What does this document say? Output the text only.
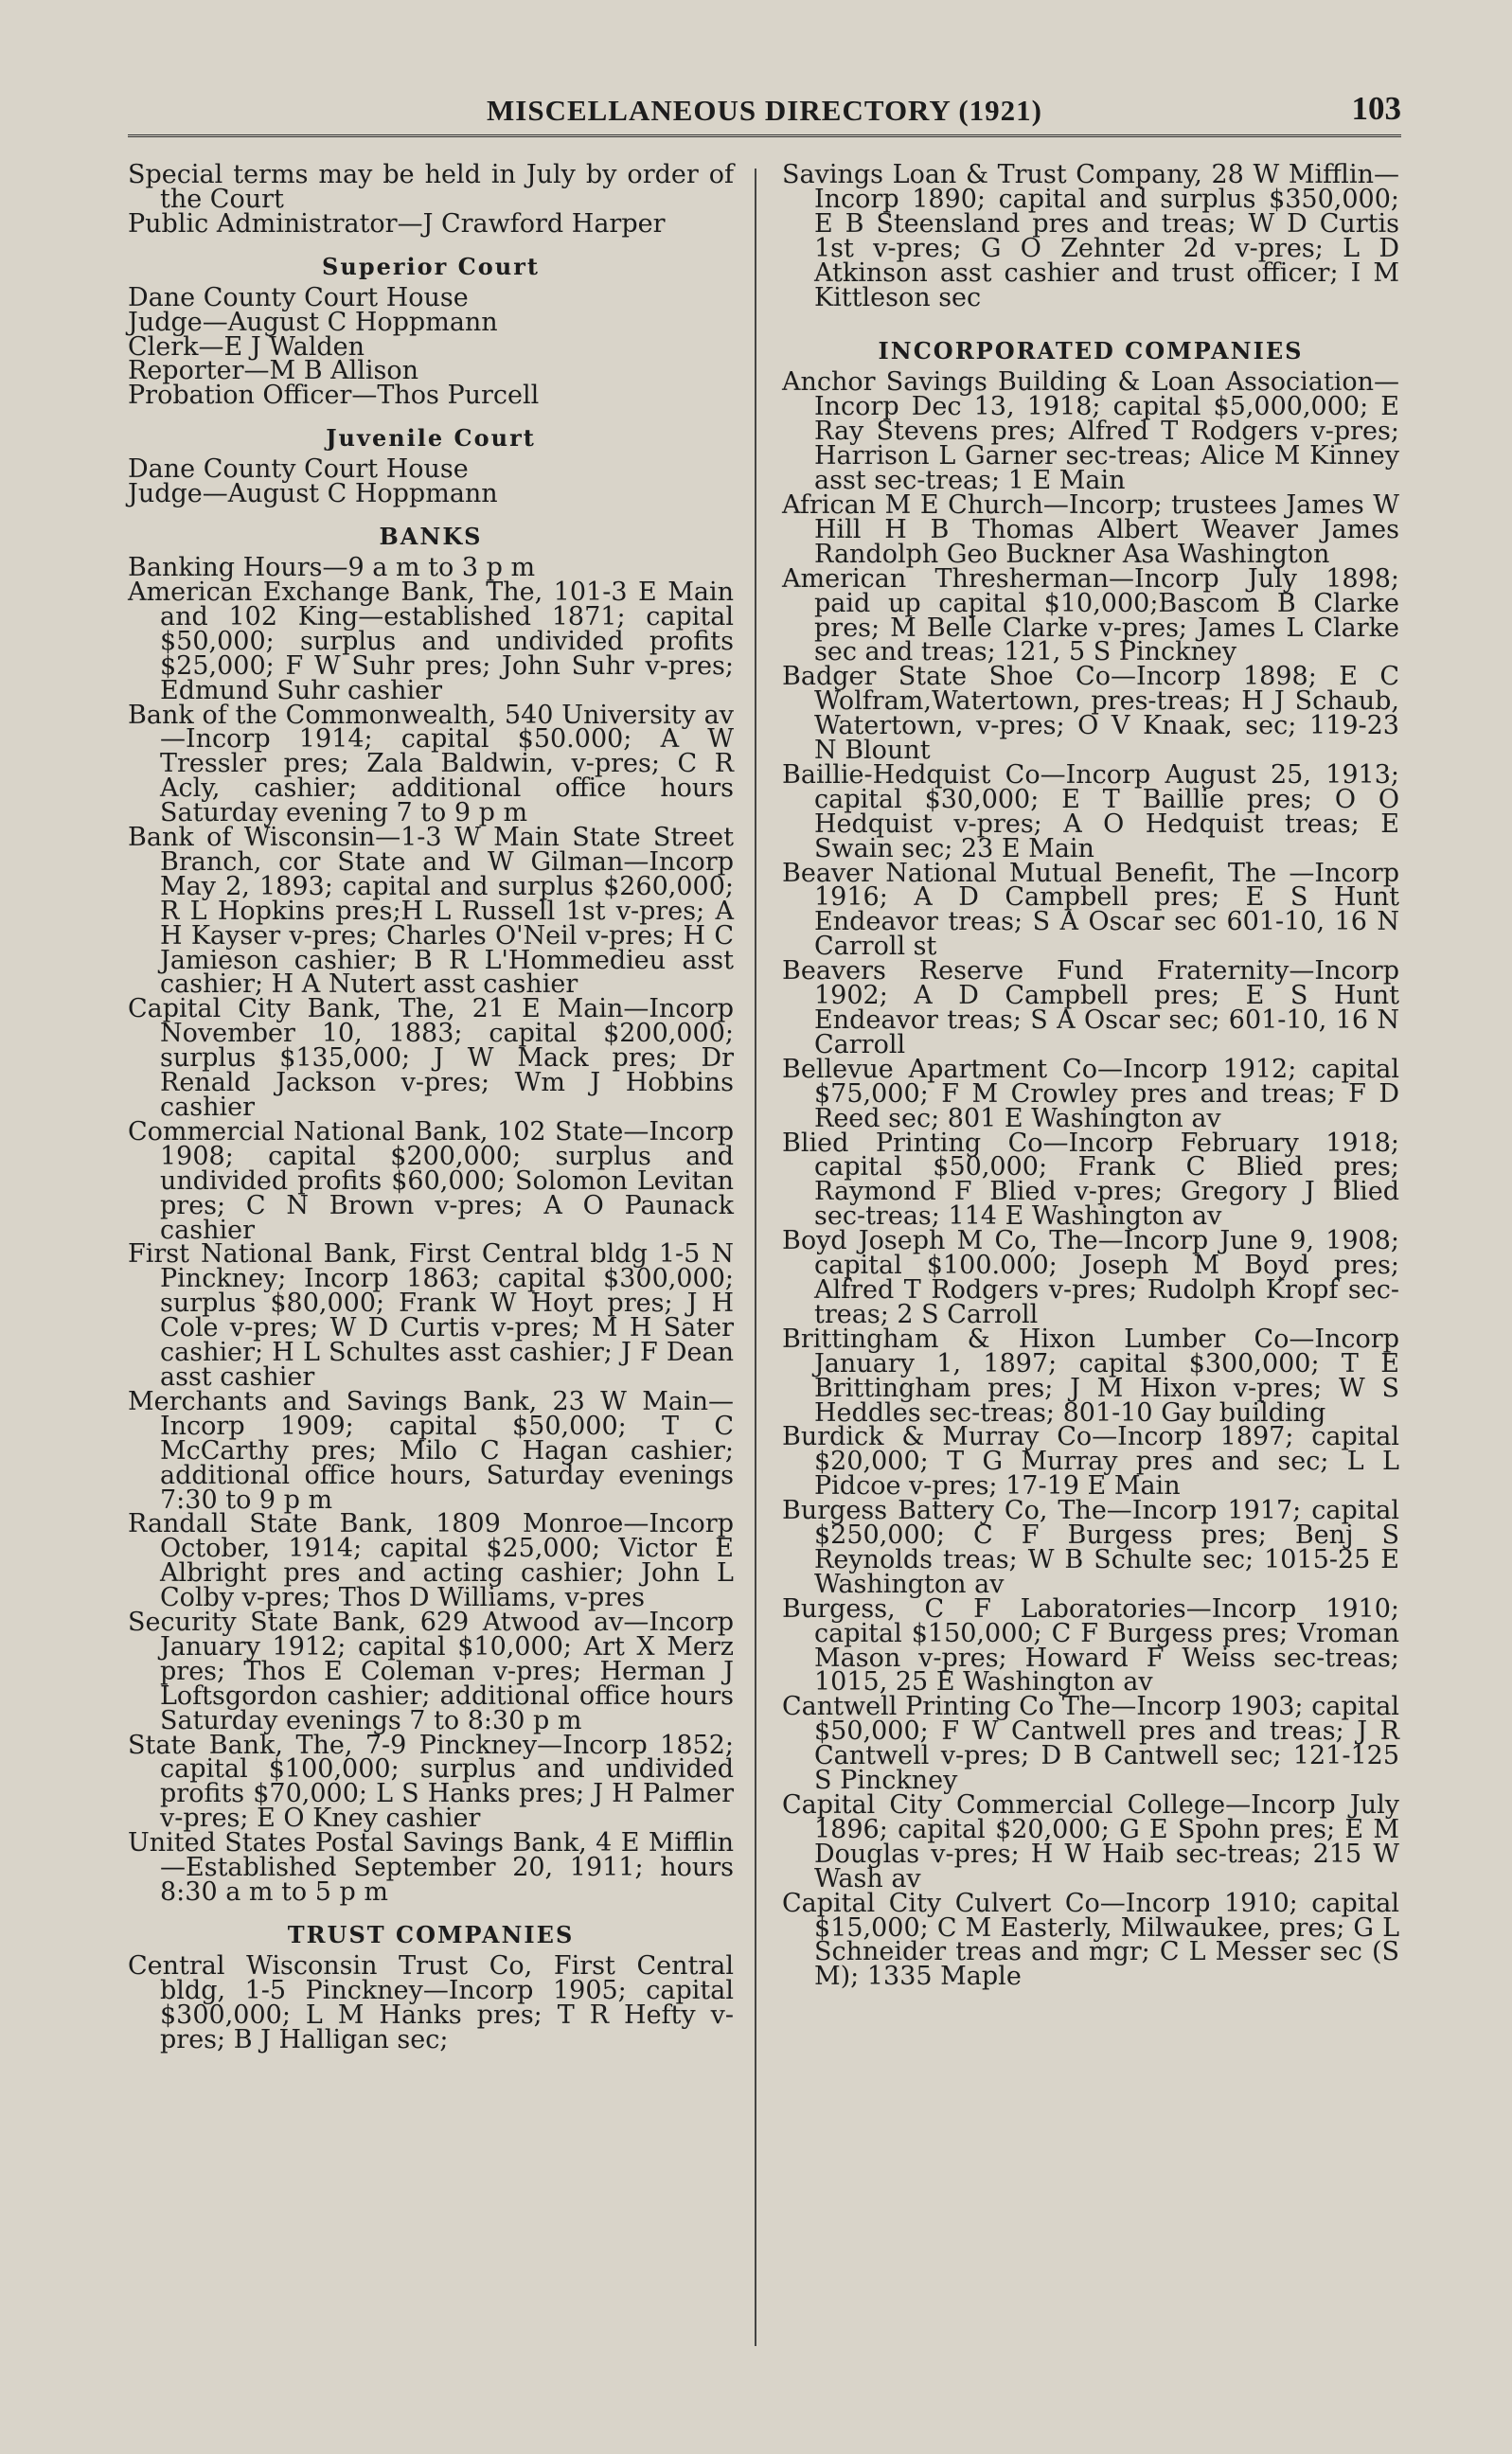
MISCELLANEOUS DIRECTORY (1921)	103

Special terms may be held in July by order of the Court

Public Administrator—J Crawford Harper

Superior Court

Dane County Court House

Judge—August C Hoppmann

Clerk—E J Walden

Reporter—M B Allison

Probation Officer—Thos Purcell

Juvenile Court

Dane County Court House

Judge—August C Hoppmann

BANKS

Banking Hours—9 a m to 3 p m

American Exchange Bank, The, 101-3 E Main and 102 King—established 1871; capital $50,000; surplus and undivided profits $25,000; F W Suhr pres; John Suhr v-pres; Edmund Suhr cashier

Bank of the Commonwealth, 540 University av—Incorp 1914; capital $50.000; A W Tressler pres; Zala Baldwin, v-pres; C R Acly, cashier; additional office hours Saturday evening 7 to 9 p m

Bank of Wisconsin—1-3 W Main State Street Branch, cor State and W Gilman—Incorp May 2, 1893; capital and surplus $260,000; R L Hopkins pres;H L Russell 1st v-pres; A H Kayser v-pres; Charles O'Neil v-pres; H C Jamieson cashier; B R L'Hommedieu asst cashier; H A Nutert asst cashier

Capital City Bank, The, 21 E Main—Incorp November 10, 1883; capital $200,000; surplus $135,000; J W Mack pres; Dr Renald Jackson v-pres; Wm J Hobbins cashier

Commercial National Bank, 102 State—Incorp 1908; capital $200,000; surplus and undivided profits $60,000; Solomon Levitan pres; C N Brown v-pres; A O Paunack cashier

First National Bank, First Central bldg 1-5 N Pinckney; Incorp 1863; capital $300,000; surplus $80,000; Frank W Hoyt pres; J H Cole v-pres; W D Curtis v-pres; M H Sater cashier; H L Schultes asst cashier; J F Dean asst cashier

Merchants and Savings Bank, 23 W Main—Incorp 1909; capital $50,000; T C McCarthy pres; Milo C Hagan cashier; additional office hours, Saturday evenings 7:30 to 9 p m

Randall State Bank, 1809 Monroe—Incorp October, 1914; capital $25,000; Victor E Albright pres and acting cashier; John L Colby v-pres; Thos D Williams, v-pres

Security State Bank, 629 Atwood av—Incorp January 1912; capital $10,000; Art X Merz pres; Thos E Coleman v-pres; Herman J Loftsgordon cashier; additional office hours Saturday evenings 7 to 8:30 p m

State Bank, The, 7-9 Pinckney—Incorp 1852; capital $100,000; surplus and undivided profits $70,000; L S Hanks pres; J H Palmer v-pres; E O Kney cashier

United States Postal Savings Bank, 4 E Mifflin—Established September 20, 1911; hours 8:30 a m to 5 p m

TRUST COMPANIES

Central Wisconsin Trust Co, First Central bldg, 1-5 Pinckney—Incorp 1905; capital $300,000; L M Hanks pres; T R Hefty v-pres; B J Halligan sec;

Savings Loan & Trust Company, 28 W Mifflin—Incorp 1890; capital and surplus $350,000; E B Steensland pres and treas; W D Curtis 1st v-pres; G O Zehnter 2d v-pres; L D Atkinson asst cashier and trust officer; I M Kittleson sec

INCORPORATED COMPANIES

Anchor Savings Building & Loan Association—Incorp Dec 13, 1918; capital $5,000,000; E Ray Stevens pres; Alfred T Rodgers v-pres; Harrison L Garner sec-treas; Alice M Kinney asst sec-treas; 1 E Main

African M E Church—Incorp; trustees James W Hill H B Thomas Albert Weaver James Randolph Geo Buckner Asa Washington

American Thresherman—Incorp July 1898; paid up capital $10,000;Bascom B Clarke pres; M Belle Clarke v-pres; James L Clarke sec and treas; 121, 5 S Pinckney

Badger State Shoe Co—Incorp 1898; E C Wolfram,Watertown, pres-treas; H J Schaub, Watertown, v-pres; O V Knaak, sec; 119-23 N Blount

Baillie-Hedquist Co—Incorp August 25, 1913; capital $30,000; E T Baillie pres; O O Hedquist v-pres; A O Hedquist treas; E Swain sec; 23 E Main

Beaver National Mutual Benefit, The —Incorp 1916; A D Campbell pres; E S Hunt Endeavor treas; S A Oscar sec 601-10, 16 N Carroll st

Beavers Reserve Fund Fraternity—Incorp 1902; A D Campbell pres; E S Hunt Endeavor treas; S A Oscar sec; 601-10, 16 N Carroll

Bellevue Apartment Co—Incorp 1912; capital $75,000; F M Crowley pres and treas; F D Reed sec; 801 E Washington av

Blied Printing Co—Incorp February 1918; capital $50,000; Frank C Blied pres; Raymond F Blied v-pres; Gregory J Blied sec-treas; 114 E Washington av

Boyd Joseph M Co, The—Incorp June 9, 1908; capital $100.000; Joseph M Boyd pres; Alfred T Rodgers v-pres; Rudolph Kropf sec-treas; 2 S Carroll

Brittingham & Hixon Lumber Co—Incorp January 1, 1897; capital $300,000; T E Brittingham pres; J M Hixon v-pres; W S Heddles sec-treas; 801-10 Gay building

Burdick & Murray Co—Incorp 1897; capital $20,000; T G Murray pres and sec; L L Pidcoe v-pres; 17-19 E Main

Burgess Battery Co, The—Incorp 1917; capital $250,000; C F Burgess pres; Benj S Reynolds treas; W B Schulte sec; 1015-25 E Washington av

Burgess, C F Laboratories—Incorp 1910; capital $150,000; C F Burgess pres; Vroman Mason v-pres; Howard F Weiss sec-treas; 1015, 25 E Washington av

Cantwell Printing Co The—Incorp 1903; capital $50,000; F W Cantwell pres and treas; J R Cantwell v-pres; D B Cantwell sec; 121-125 S Pinckney

Capital City Commercial College—Incorp July 1896; capital $20,000; G E Spohn pres; E M Douglas v-pres; H W Haib sec-treas; 215 W Wash av

Capital City Culvert Co—Incorp 1910; capital $15,000; C M Easterly, Milwaukee, pres; G L Schneider treas and mgr; C L Messer sec (S M); 1335 Maple
